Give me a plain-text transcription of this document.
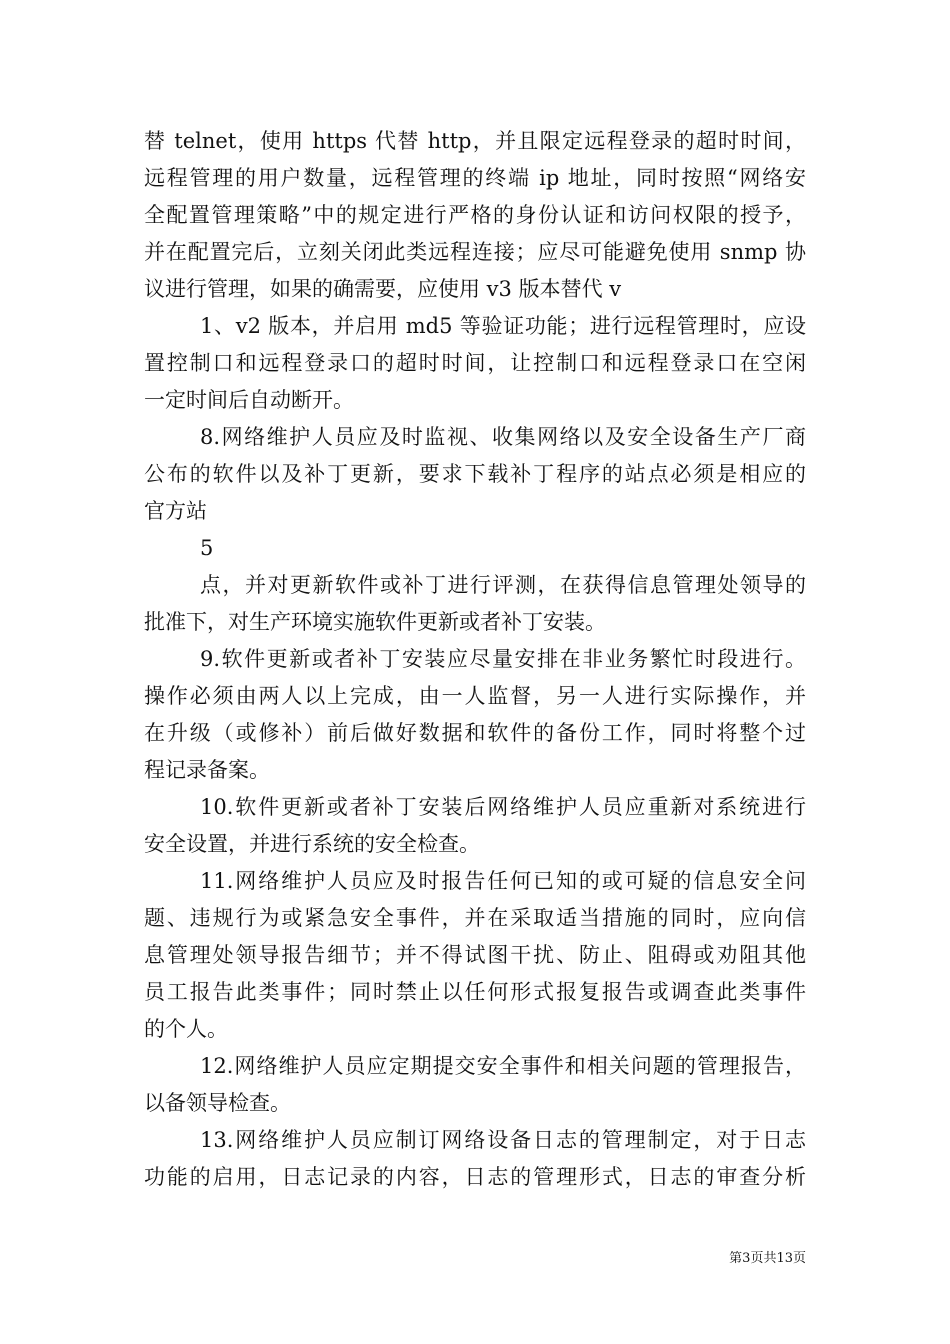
替 telnet，使用 https 代替 http，并且限定远程登录的超时时间，
远程管理的用户数量，远程管理的终端 ip 地址，同时按照“网络安
全配置管理策略”中的规定进行严格的身份认证和访问权限的授予，
并在配置完后，立刻关闭此类远程连接；应尽可能避免使用 snmp 协
议进行管理，如果的确需要，应使用 v3 版本替代 v
1、v2 版本，并启用 md5 等验证功能；进行远程管理时，应设
置控制口和远程登录口的超时时间，让控制口和远程登录口在空闲
一定时间后自动断开。
8.网络维护人员应及时监视、收集网络以及安全设备生产厂商
公布的软件以及补丁更新，要求下载补丁程序的站点必须是相应的
官方站
5
点，并对更新软件或补丁进行评测，在获得信息管理处领导的
批准下，对生产环境实施软件更新或者补丁安装。
9.软件更新或者补丁安装应尽量安排在非业务繁忙时段进行。
操作必须由两人以上完成，由一人监督，另一人进行实际操作，并
在升级（或修补）前后做好数据和软件的备份工作，同时将整个过
程记录备案。
10.软件更新或者补丁安装后网络维护人员应重新对系统进行
安全设置，并进行系统的安全检查。
11.网络维护人员应及时报告任何已知的或可疑的信息安全问
题、违规行为或紧急安全事件，并在采取适当措施的同时，应向信
息管理处领导报告细节；并不得试图干扰、防止、阻碍或劝阻其他
员工报告此类事件；同时禁止以任何形式报复报告或调查此类事件
的个人。
12.网络维护人员应定期提交安全事件和相关问题的管理报告，
以备领导检查。
13.网络维护人员应制订网络设备日志的管理制定，对于日志
功能的启用，日志记录的内容，日志的管理形式，日志的审查分析
第3页共13页
